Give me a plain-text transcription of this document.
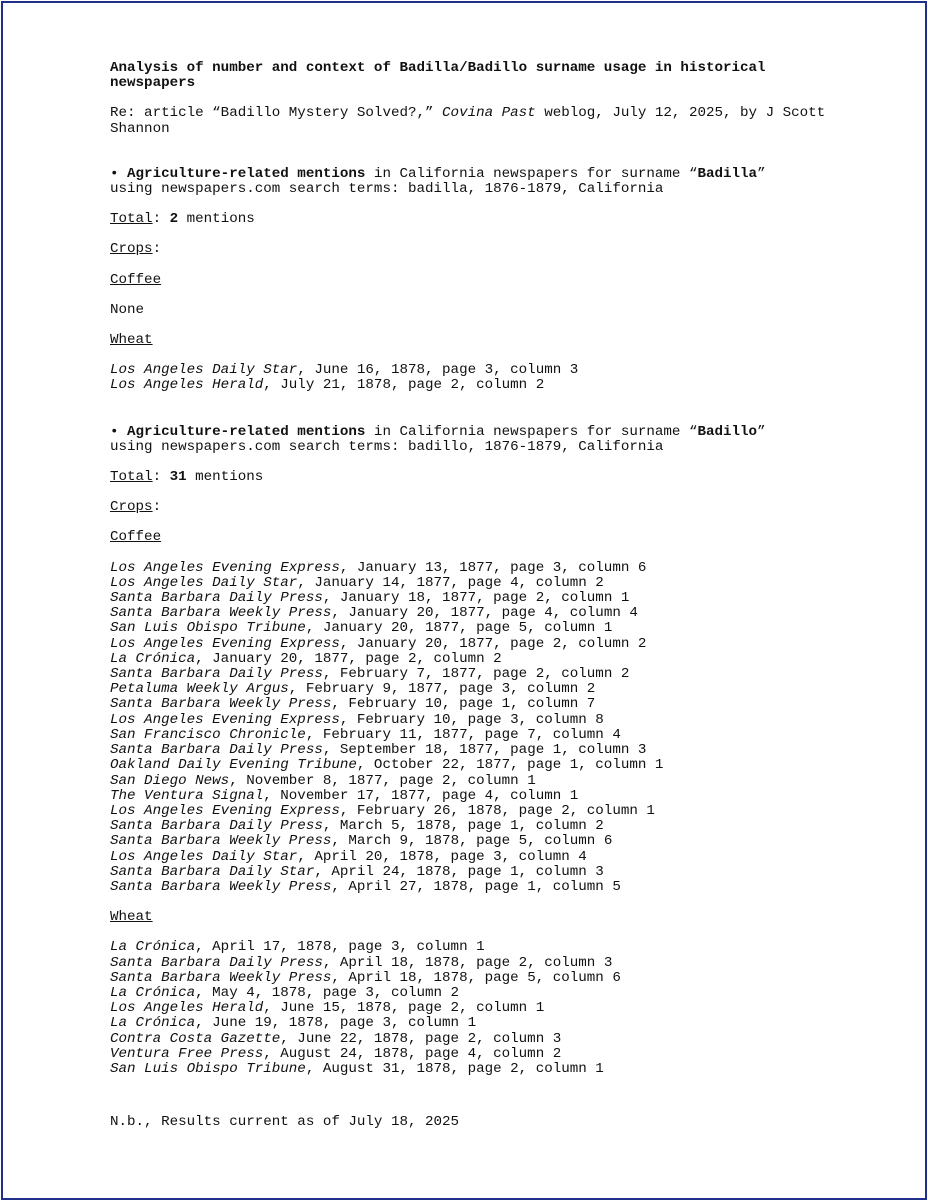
Analysis of number and context of Badilla/Badillo surname usage in historical newspapers
Re: article “Badillo Mystery Solved?,” Covina Past weblog, July 12, 2025, by J Scott Shannon
• Agriculture-related mentions in California newspapers for surname “Badilla”
using newspapers.com search terms: badilla, 1876-1879, California
Total: 2 mentions
Crops:
Coffee
None
Wheat
Los Angeles Daily Star, June 16, 1878, page 3, column 3
Los Angeles Herald, July 21, 1878, page 2, column 2
• Agriculture-related mentions in California newspapers for surname “Badillo”
using newspapers.com search terms: badillo, 1876-1879, California
Total: 31 mentions
Crops:
Coffee
Los Angeles Evening Express, January 13, 1877, page 3, column 6
Los Angeles Daily Star, January 14, 1877, page 4, column 2
Santa Barbara Daily Press, January 18, 1877, page 2, column 1
Santa Barbara Weekly Press, January 20, 1877, page 4, column 4
San Luis Obispo Tribune, January 20, 1877, page 5, column 1
Los Angeles Evening Express, January 20, 1877, page 2, column 2
La Crónica, January 20, 1877, page 2, column 2
Santa Barbara Daily Press, February 7, 1877, page 2, column 2
Petaluma Weekly Argus, February 9, 1877, page 3, column 2
Santa Barbara Weekly Press, February 10, page 1, column 7
Los Angeles Evening Express, February 10, page 3, column 8
San Francisco Chronicle, February 11, 1877, page 7, column 4
Santa Barbara Daily Press, September 18, 1877, page 1, column 3
Oakland Daily Evening Tribune, October 22, 1877, page 1, column 1
San Diego News, November 8, 1877, page 2, column 1
The Ventura Signal, November 17, 1877, page 4, column 1
Los Angeles Evening Express, February 26, 1878, page 2, column 1
Santa Barbara Daily Press, March 5, 1878, page 1, column 2
Santa Barbara Weekly Press, March 9, 1878, page 5, column 6
Los Angeles Daily Star, April 20, 1878, page 3, column 4
Santa Barbara Daily Star, April 24, 1878, page 1, column 3
Santa Barbara Weekly Press, April 27, 1878, page 1, column 5
Wheat
La Crónica, April 17, 1878, page 3, column 1
Santa Barbara Daily Press, April 18, 1878, page 2, column 3
Santa Barbara Weekly Press, April 18, 1878, page 5, column 6
La Crónica, May 4, 1878, page 3, column 2
Los Angeles Herald, June 15, 1878, page 2, column 1
La Crónica, June 19, 1878, page 3, column 1
Contra Costa Gazette, June 22, 1878, page 2, column 3
Ventura Free Press, August 24, 1878, page 4, column 2
San Luis Obispo Tribune, August 31, 1878, page 2, column 1
N.b., Results current as of July 18, 2025
